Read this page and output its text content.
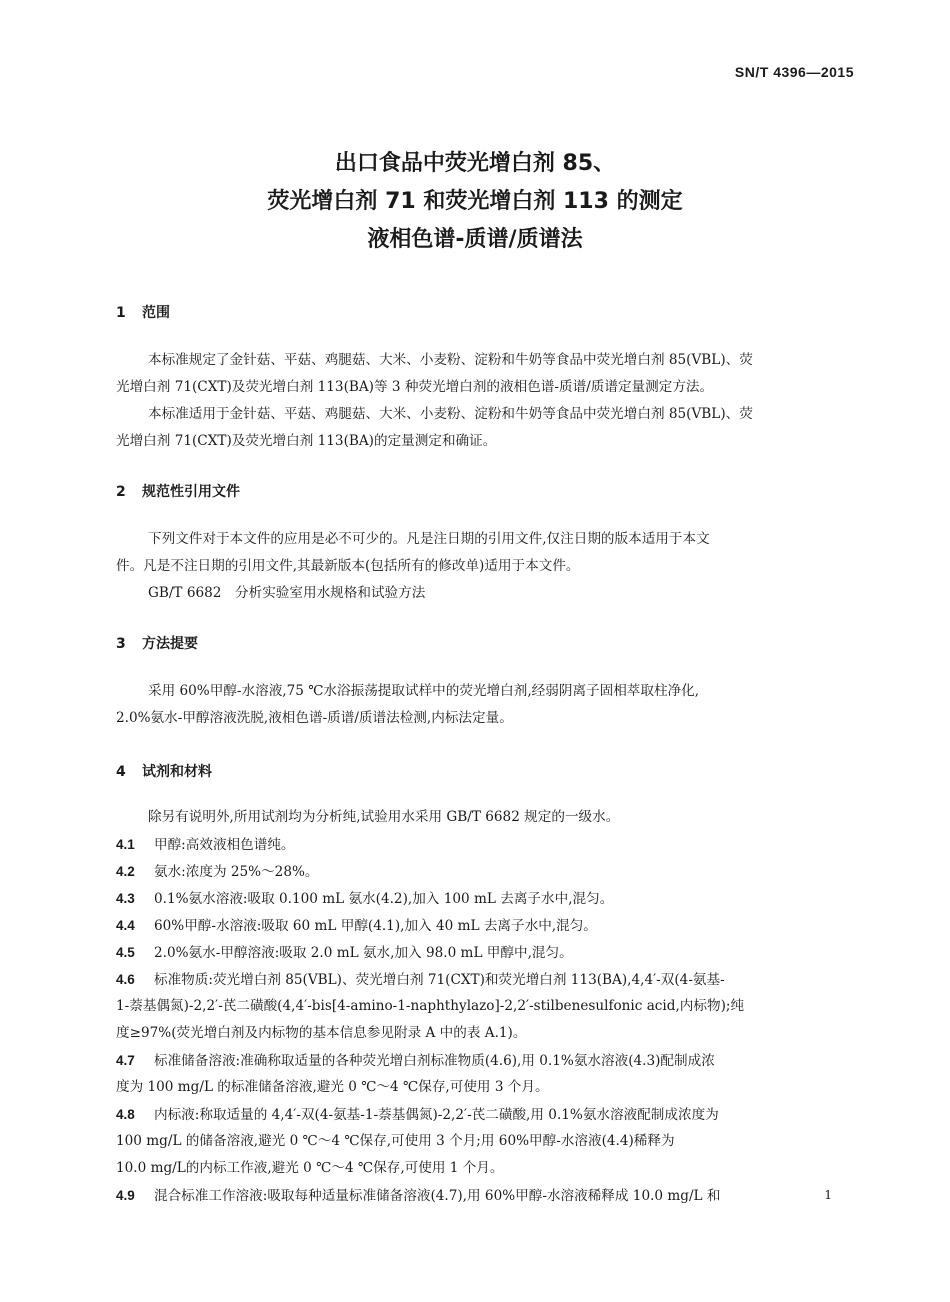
SN/T 4396—2015
出口食品中荧光增白剂 85、
荧光增白剂 71 和荧光增白剂 113 的测定
液相色谱-质谱/质谱法
1 范围
本标准规定了金针菇、平菇、鸡腿菇、大米、小麦粉、淀粉和牛奶等食品中荧光增白剂 85(VBL)、荧
光增白剂 71(CXT)及荧光增白剂 113(BA)等 3 种荧光增白剂的液相色谱-质谱/质谱定量测定方法。
本标准适用于金针菇、平菇、鸡腿菇、大米、小麦粉、淀粉和牛奶等食品中荧光增白剂 85(VBL)、荧
光增白剂 71(CXT)及荧光增白剂 113(BA)的定量测定和确证。
2 规范性引用文件
下列文件对于本文件的应用是必不可少的。凡是注日期的引用文件,仅注日期的版本适用于本文
件。凡是不注日期的引用文件,其最新版本(包括所有的修改单)适用于本文件。
GB/T 6682　分析实验室用水规格和试验方法
3 方法提要
采用 60%甲醇-水溶液,75 ℃水浴振荡提取试样中的荧光增白剂,经弱阴离子固相萃取柱净化,
2.0%氨水-甲醇溶液洗脱,液相色谱-质谱/质谱法检测,内标法定量。
4 试剂和材料
除另有说明外,所用试剂均为分析纯,试验用水采用 GB/T 6682 规定的一级水。
4.1 甲醇:高效液相色谱纯。
4.2 氨水:浓度为 25%～28%。
4.3 0.1%氨水溶液:吸取 0.100 mL 氨水(4.2),加入 100 mL 去离子水中,混匀。
4.4 60%甲醇-水溶液:吸取 60 mL 甲醇(4.1),加入 40 mL 去离子水中,混匀。
4.5 2.0%氨水-甲醇溶液:吸取 2.0 mL 氨水,加入 98.0 mL 甲醇中,混匀。
4.6 标准物质:荧光增白剂 85(VBL)、荧光增白剂 71(CXT)和荧光增白剂 113(BA),4,4′-双(4-氨基-
1-萘基偶氮)-2,2′-芪二磺酸(4,4′-bis[4-amino-1-naphthylazo]-2,2′-stilbenesulfonic acid,内标物);纯
度≥97%(荧光增白剂及内标物的基本信息参见附录 A 中的表 A.1)。
4.7 标准储备溶液:准确称取适量的各种荧光增白剂标准物质(4.6),用 0.1%氨水溶液(4.3)配制成浓
度为 100 mg/L 的标准储备溶液,避光 0 ℃～4 ℃保存,可使用 3 个月。
4.8 内标液:称取适量的 4,4′-双(4-氨基-1-萘基偶氮)-2,2′-芪二磺酸,用 0.1%氨水溶液配制成浓度为
100 mg/L 的储备溶液,避光 0 ℃～4 ℃保存,可使用 3 个月;用 60%甲醇-水溶液(4.4)稀释为
10.0 mg/L的内标工作液,避光 0 ℃～4 ℃保存,可使用 1 个月。
4.9 混合标准工作溶液:吸取每种适量标准储备溶液(4.7),用 60%甲醇-水溶液稀释成 10.0 mg/L 和	1
